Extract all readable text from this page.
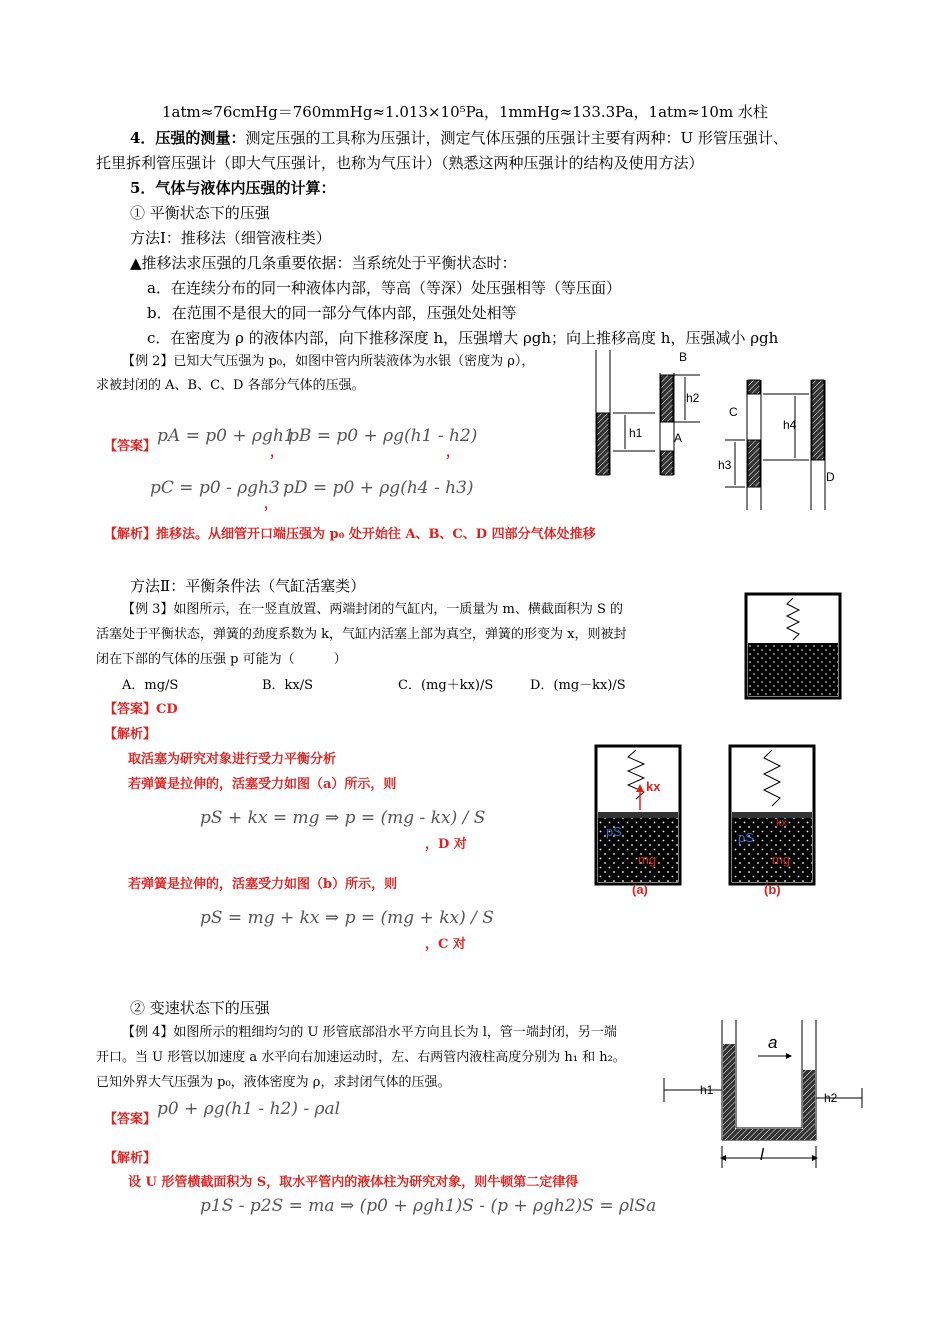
1atm≈76cmHg＝760mmHg≈1.013×10⁵Pa，1mmHg≈133.3Pa，1atm≈10m 水柱
4．压强的测量：测定压强的工具称为压强计，测定气体压强的压强计主要有两种：U 形管压强计、
托里拆利管压强计（即大气压强计，也称为气压计）（熟悉这两种压强计的结构及使用方法）
5．气体与液体内压强的计算：
① 平衡状态下的压强
方法Ⅰ：推移法（细管液柱类）
▲推移法求压强的几条重要依据：当系统处于平衡状态时：
a．在连续分布的同一种液体内部，等高（等深）处压强相等（等压面）
b．在范围不是很大的同一部分气体内部，压强处处相等
c．在密度为 ρ 的液体内部，向下推移深度 h，压强增大 ρgh；向上推移高度 h，压强减小 ρgh
【例 2】已知大气压强为 p₀，如图中管内所装液体为水银（密度为 ρ），
求被封闭的 A、B、C、D 各部分气体的压强。
【答案】
pA = p0 + ρgh1
，
pB = p0 + ρg(h1 - h2)
，
pC = p0 - ρgh3
，
pD = p0 + ρg(h4 - h3)
【解析】推移法。从细管开口端压强为 p₀ 处开始往 A、B、C、D 四部分气体处推移
h1
h2
B
A
C
h3
h4
D
方法Ⅱ：平衡条件法（气缸活塞类）
【例 3】如图所示，在一竖直放置、两端封闭的气缸内，一质量为 m、横截面积为 S 的
活塞处于平衡状态，弹簧的劲度系数为 k，气缸内活塞上部为真空，弹簧的形变为 x，则被封
闭在下部的气体的压强 p 可能为（　　　）
A．mg/S	B．kx/S	C．(mg＋kx)/S	D．(mg－kx)/S
【答案】CD
【解析】
取活塞为研究对象进行受力平衡分析
若弹簧是拉伸的，活塞受力如图（a）所示，则
pS + kx = mg ⇒ p = (mg - kx) / S
，D 对
若弹簧是拉伸的，活塞受力如图（b）所示，则
pS = mg + kx ⇒ p = (mg + kx) / S
，C 对
kx
pS
mg
(a)
kx
pS
mg
(b)
② 变速状态下的压强
【例 4】如图所示的粗细均匀的 U 形管底部沿水平方向且长为 l，管一端封闭，另一端
开口。当 U 形管以加速度 a 水平向右加速运动时，左、右两管内液柱高度分别为 h₁ 和 h₂。
已知外界大气压强为 p₀，液体密度为 ρ，求封闭气体的压强。
【答案】
p0 + ρg(h1 - h2) - ρal
【解析】
设 U 形管横截面积为 S，取水平管内的液体柱为研究对象，则牛顿第二定律得
p1S - p2S = ma ⇒ (p0 + ρgh1)S - (p + ρgh2)S = ρlSa
a
h1
h2
l
